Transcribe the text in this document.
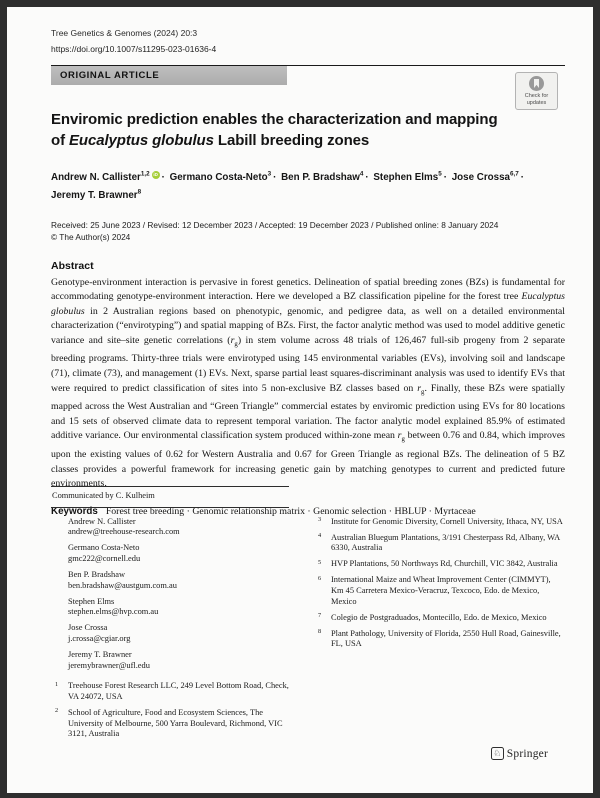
Tree Genetics & Genomes (2024) 20:3

https://doi.org/10.1007/s11295-023-01636-4
ORIGINAL ARTICLE
Check for
updates
Enviromic prediction enables the characterization and mapping
of Eucalyptus globulus Labill breeding zones

Andrew N. Callister$^{1,2}$ iD · Germano Costa-Neto$^3$ · Ben P. Bradshaw$^4$ · Stephen Elms$^5$ · Jose Crossa$^{6,7}$ · Jeremy T. Brawner$^8$

Received: 25 June 2023 / Revised: 12 December 2023 / Accepted: 19 December 2023 / Published online: 8 January 2024

© The Author(s) 2024

Abstract

Genotype-environment interaction is pervasive in forest genetics. Delineation of spatial breeding zones (BZs) is fundamental for accommodating genotype-environment interaction. Here we developed a BZ classification pipeline for the forest tree Eucalyptus globulus in 2 Australian regions based on phenotypic, genomic, and pedigree data, as well on a detailed environmental characterization (“envirotyping”) and spatial mapping of BZs. First, the factor analytic method was used to model additive genetic variance and site–site genetic correlations $(r_g)$ in stem volume across 48 trials of 126,467 full-sib progeny from 2 separate breeding programs. Thirty-three trials were envirotyped using 145 environmental variables (EVs), involving soil and landscape (71), climate (73), and management (1) EVs. Next, sparse partial least squares-discriminant analysis was used to identify EVs that were required to predict classification of sites into 5 non-exclusive BZ classes based on $r_g$. Finally, these BZs were spatially mapped across the West Australian and “Green Triangle” commercial estates by enviromic prediction using EVs for 80 locations and 15 sets of observed climate data to represent temporal variation. The factor analytic model explained 85.9% of estimated additive variance. Our environmental classification system produced within-zone mean $r_g$ between 0.76 and 0.84, which improves upon the existing values of 0.62 for Western Australia and 0.67 for Green Triangle as regional BZs. The delineation of 5 BZ classes provides a powerful framework for increasing genetic gain by matching genotypes to current and predicted future environments.

Keywords Forest tree breeding · Genomic relationship matrix · Genomic selection · HBLUP · Myrtaceae

Communicated by C. Kulheim

Andrew N. Callister
andrew@treehouse-research.com
Germano Costa-Neto
gmc222@cornell.edu
Ben P. Bradshaw
ben.bradshaw@austgum.com.au
Stephen Elms
stephen.elms@hvp.com.au
Jose Crossa
j.crossa@cgiar.org
Jeremy T. Brawner
jeremybrawner@ufl.edu
1 Treehouse Forest Research LLC, 249 Level Bottom Road, Check, VA 24072, USA
2 School of Agriculture, Food and Ecosystem Sciences, The University of Melbourne, 500 Yarra Boulevard, Richmond, VIC 3121, Australia
3 Institute for Genomic Diversity, Cornell University, Ithaca, NY, USA
4 Australian Bluegum Plantations, 3/191 Chesterpass Rd, Albany, WA 6330, Australia
5 HVP Plantations, 50 Northways Rd, Churchill, VIC 3842, Australia
6 International Maize and Wheat Improvement Center (CIMMYT), Km 45 Carretera Mexico-Veracruz, Texcoco, Edo. de Mexico, Mexico
7 Colegio de Postgraduados, Montecillo, Edo. de Mexico, Mexico
8 Plant Pathology, University of Florida, 2550 Hull Road, Gainesville, FL, USA
♘ Springer
